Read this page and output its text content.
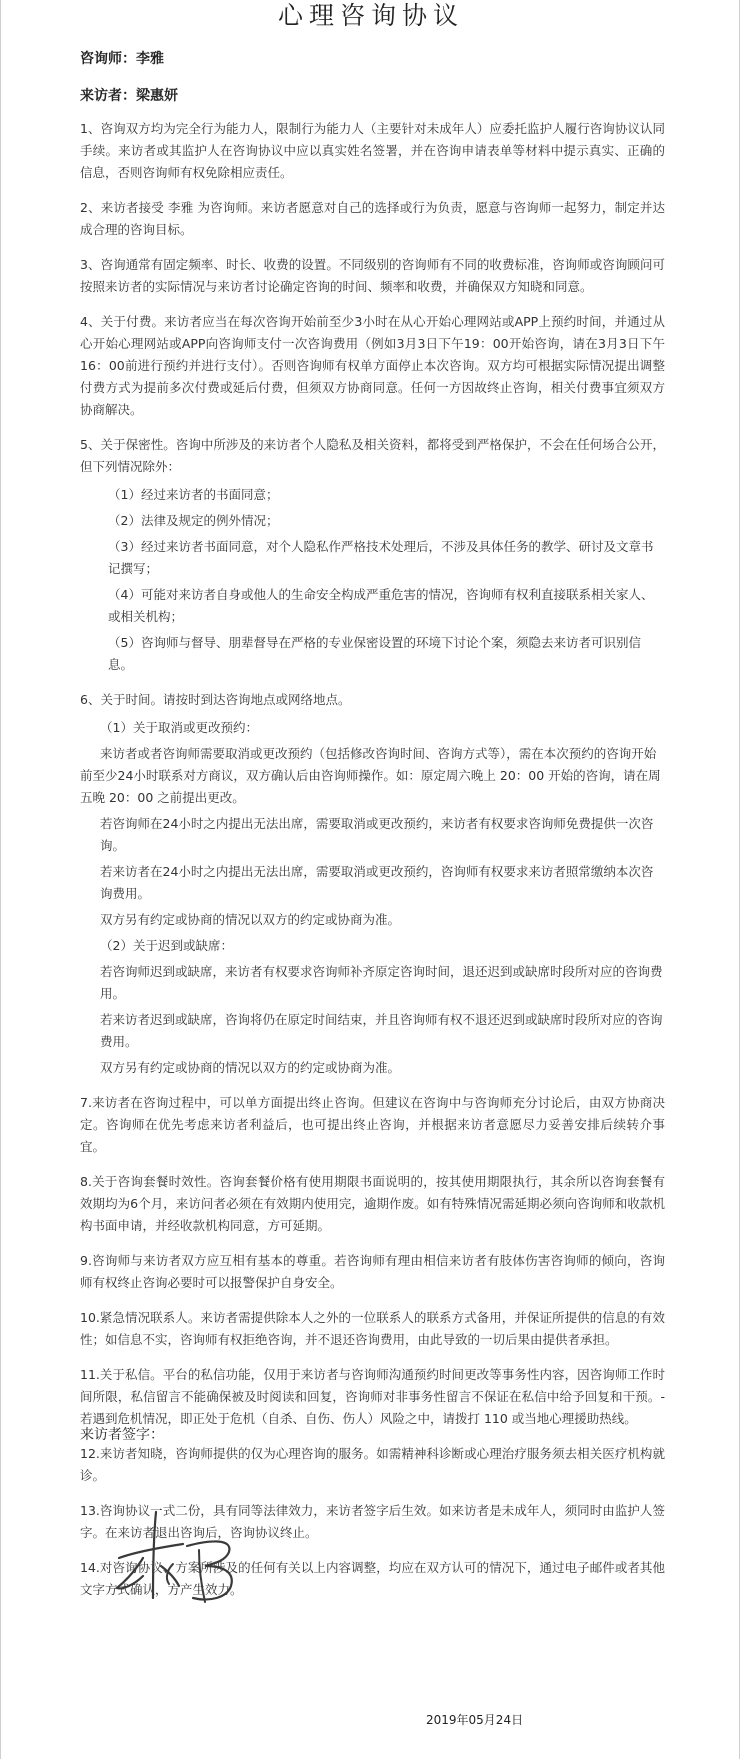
心理咨询协议
咨询师：李雅
来访者：梁惠妍

1、咨询双方均为完全行为能力人，限制行为能力人（主要针对未成年人）应委托监护人履行咨询协议认同手续。来访者或其监护人在咨询协议中应以真实姓名签署，并在咨询申请表单等材料中提示真实、正确的信息，否则咨询师有权免除相应责任。

2、来访者接受 李雅 为咨询师。来访者愿意对自己的选择或行为负责，愿意与咨询师一起努力，制定并达成合理的咨询目标。

3、咨询通常有固定频率、时长、收费的设置。不同级别的咨询师有不同的收费标准，咨询师或咨询顾问可按照来访者的实际情况与来访者讨论确定咨询的时间、频率和收费，并确保双方知晓和同意。

4、关于付费。来访者应当在每次咨询开始前至少3小时在从心开始心理网站或APP上预约时间，并通过从心开始心理网站或APP向咨询师支付一次咨询费用（例如3月3日下午19：00开始咨询，请在3月3日下午16：00前进行预约并进行支付）。否则咨询师有权单方面停止本次咨询。双方均可根据实际情况提出调整付费方式为提前多次付费或延后付费，但须双方协商同意。任何一方因故终止咨询，相关付费事宜须双方协商解决。

5、关于保密性。咨询中所涉及的来访者个人隐私及相关资料，都将受到严格保护，不会在任何场合公开，但下列情况除外：

（1）经过来访者的书面同意；
（2）法律及规定的例外情况；
（3）经过来访者书面同意，对个人隐私作严格技术处理后，不涉及具体任务的教学、研讨及文章书记撰写；
（4）可能对来访者自身或他人的生命安全构成严重危害的情况，咨询师有权利直接联系相关家人、或相关机构；
（5）咨询师与督导、朋辈督导在严格的专业保密设置的环境下讨论个案，须隐去来访者可识别信息。

6、关于时间。请按时到达咨询地点或网络地点。

（1）关于取消或更改预约：
来访者或者咨询师需要取消或更改预约（包括修改咨询时间、咨询方式等），需在本次预约的咨询开始前至少24小时联系对方商议，双方确认后由咨询师操作。如：原定周六晚上 20：00 开始的咨询，请在周五晚 20：00 之前提出更改。
若咨询师在24小时之内提出无法出席，需要取消或更改预约，来访者有权要求咨询师免费提供一次咨询。
若来访者在24小时之内提出无法出席，需要取消或更改预约，咨询师有权要求来访者照常缴纳本次咨询费用。
双方另有约定或协商的情况以双方的约定或协商为准。
（2）关于迟到或缺席：
若咨询师迟到或缺席，来访者有权要求咨询师补齐原定咨询时间，退还迟到或缺席时段所对应的咨询费用。
若来访者迟到或缺席，咨询将仍在原定时间结束，并且咨询师有权不退还迟到或缺席时段所对应的咨询费用。
双方另有约定或协商的情况以双方的约定或协商为准。

7.来访者在咨询过程中，可以单方面提出终止咨询。但建议在咨询中与咨询师充分讨论后，由双方协商决定。咨询师在优先考虑来访者利益后，也可提出终止咨询，并根据来访者意愿尽力妥善安排后续转介事宜。

8.关于咨询套餐时效性。咨询套餐价格有使用期限书面说明的，按其使用期限执行，其余所以咨询套餐有效期均为6个月，来访问者必须在有效期内使用完，逾期作废。如有特殊情况需延期必须向咨询师和收款机构书面申请，并经收款机构同意，方可延期。

9.咨询师与来访者双方应互相有基本的尊重。若咨询师有理由相信来访者有肢体伤害咨询师的倾向，咨询师有权终止咨询必要时可以报警保护自身安全。

10.紧急情况联系人。来访者需提供除本人之外的一位联系人的联系方式备用，并保证所提供的信息的有效性；如信息不实，咨询师有权拒绝咨询，并不退还咨询费用，由此导致的一切后果由提供者承担。

11.关于私信。平台的私信功能，仅用于来访者与咨询师沟通预约时间更改等事务性内容，因咨询师工作时间所限，私信留言不能确保被及时阅读和回复，咨询师对非事务性留言不保证在私信中给予回复和干预。- 若遇到危机情况，即正处于危机（自杀、自伤、伤人）风险之中，请拨打 110 或当地心理援助热线。

12.来访者知晓，咨询师提供的仅为心理咨询的服务。如需精神科诊断或心理治疗服务须去相关医疗机构就诊。

13.咨询协议一式二份，具有同等法律效力，来访者签字后生效。如来访者是未成年人，须同时由监护人签字。在来访者退出咨询后，咨询协议终止。

14.对咨询协议、方案所涉及的任何有关以上内容调整，均应在双方认可的情况下，通过电子邮件或者其他文字方式确认，方产生效力。

来访者签字：
2019年05月24日
